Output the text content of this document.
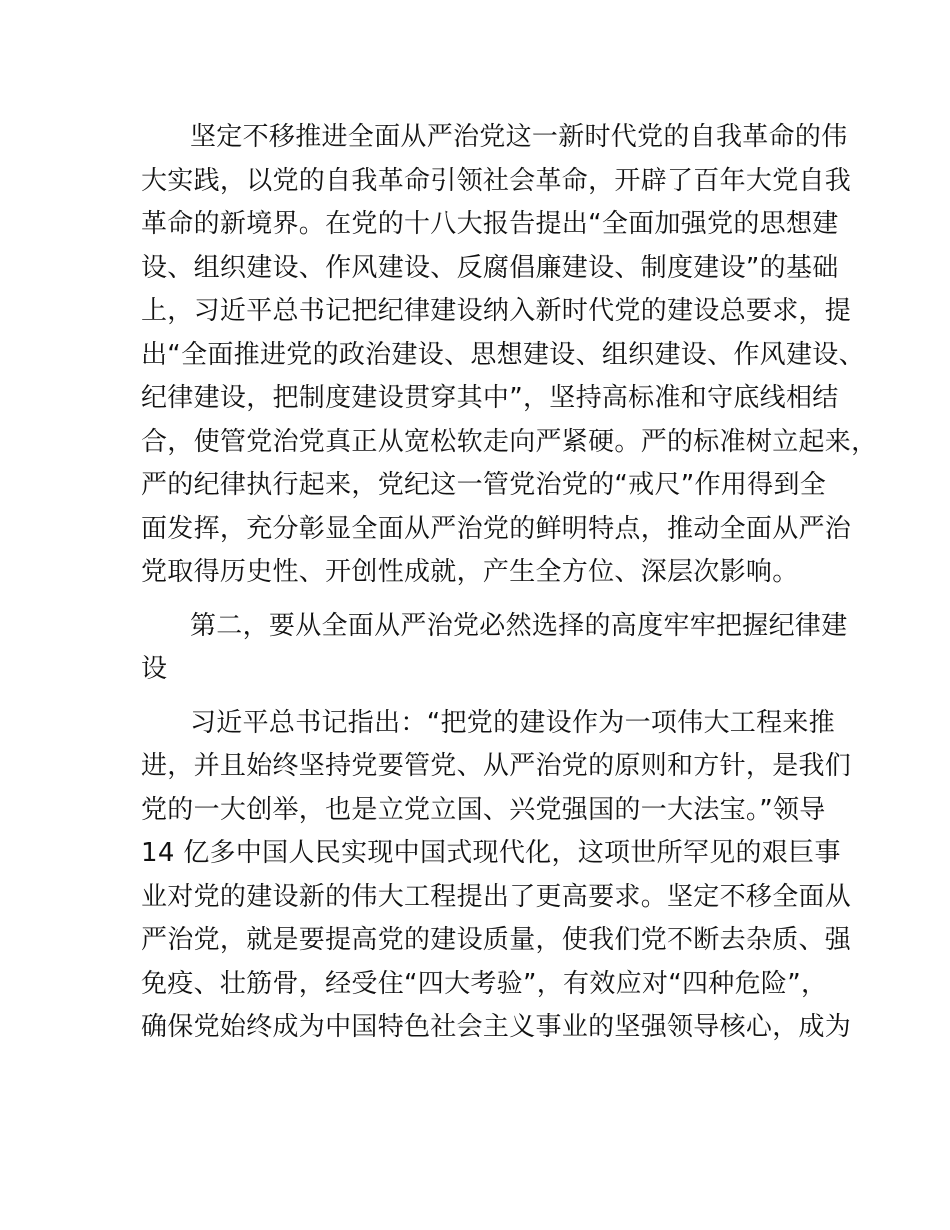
坚定不移推进全面从严治党这一新时代党的自我革命的伟
大实践，以党的自我革命引领社会革命，开辟了百年大党自我
革命的新境界。在党的十八大报告提出“全面加强党的思想建
设、组织建设、作风建设、反腐倡廉建设、制度建设”的基础
上，习近平总书记把纪律建设纳入新时代党的建设总要求，提
出“全面推进党的政治建设、思想建设、组织建设、作风建设、
纪律建设，把制度建设贯穿其中”，坚持高标准和守底线相结
合，使管党治党真正从宽松软走向严紧硬。严的标准树立起来，
严的纪律执行起来，党纪这一管党治党的“戒尺”作用得到全
面发挥，充分彰显全面从严治党的鲜明特点，推动全面从严治
党取得历史性、开创性成就，产生全方位、深层次影响。
第二，要从全面从严治党必然选择的高度牢牢把握纪律建
设
习近平总书记指出：“把党的建设作为一项伟大工程来推
进，并且始终坚持党要管党、从严治党的原则和方针，是我们
党的一大创举，也是立党立国、兴党强国的一大法宝。”领导
14 亿多中国人民实现中国式现代化，这项世所罕见的艰巨事
业对党的建设新的伟大工程提出了更高要求。坚定不移全面从
严治党，就是要提高党的建设质量，使我们党不断去杂质、强
免疫、壮筋骨，经受住“四大考验”，有效应对“四种危险”，
确保党始终成为中国特色社会主义事业的坚强领导核心，成为
